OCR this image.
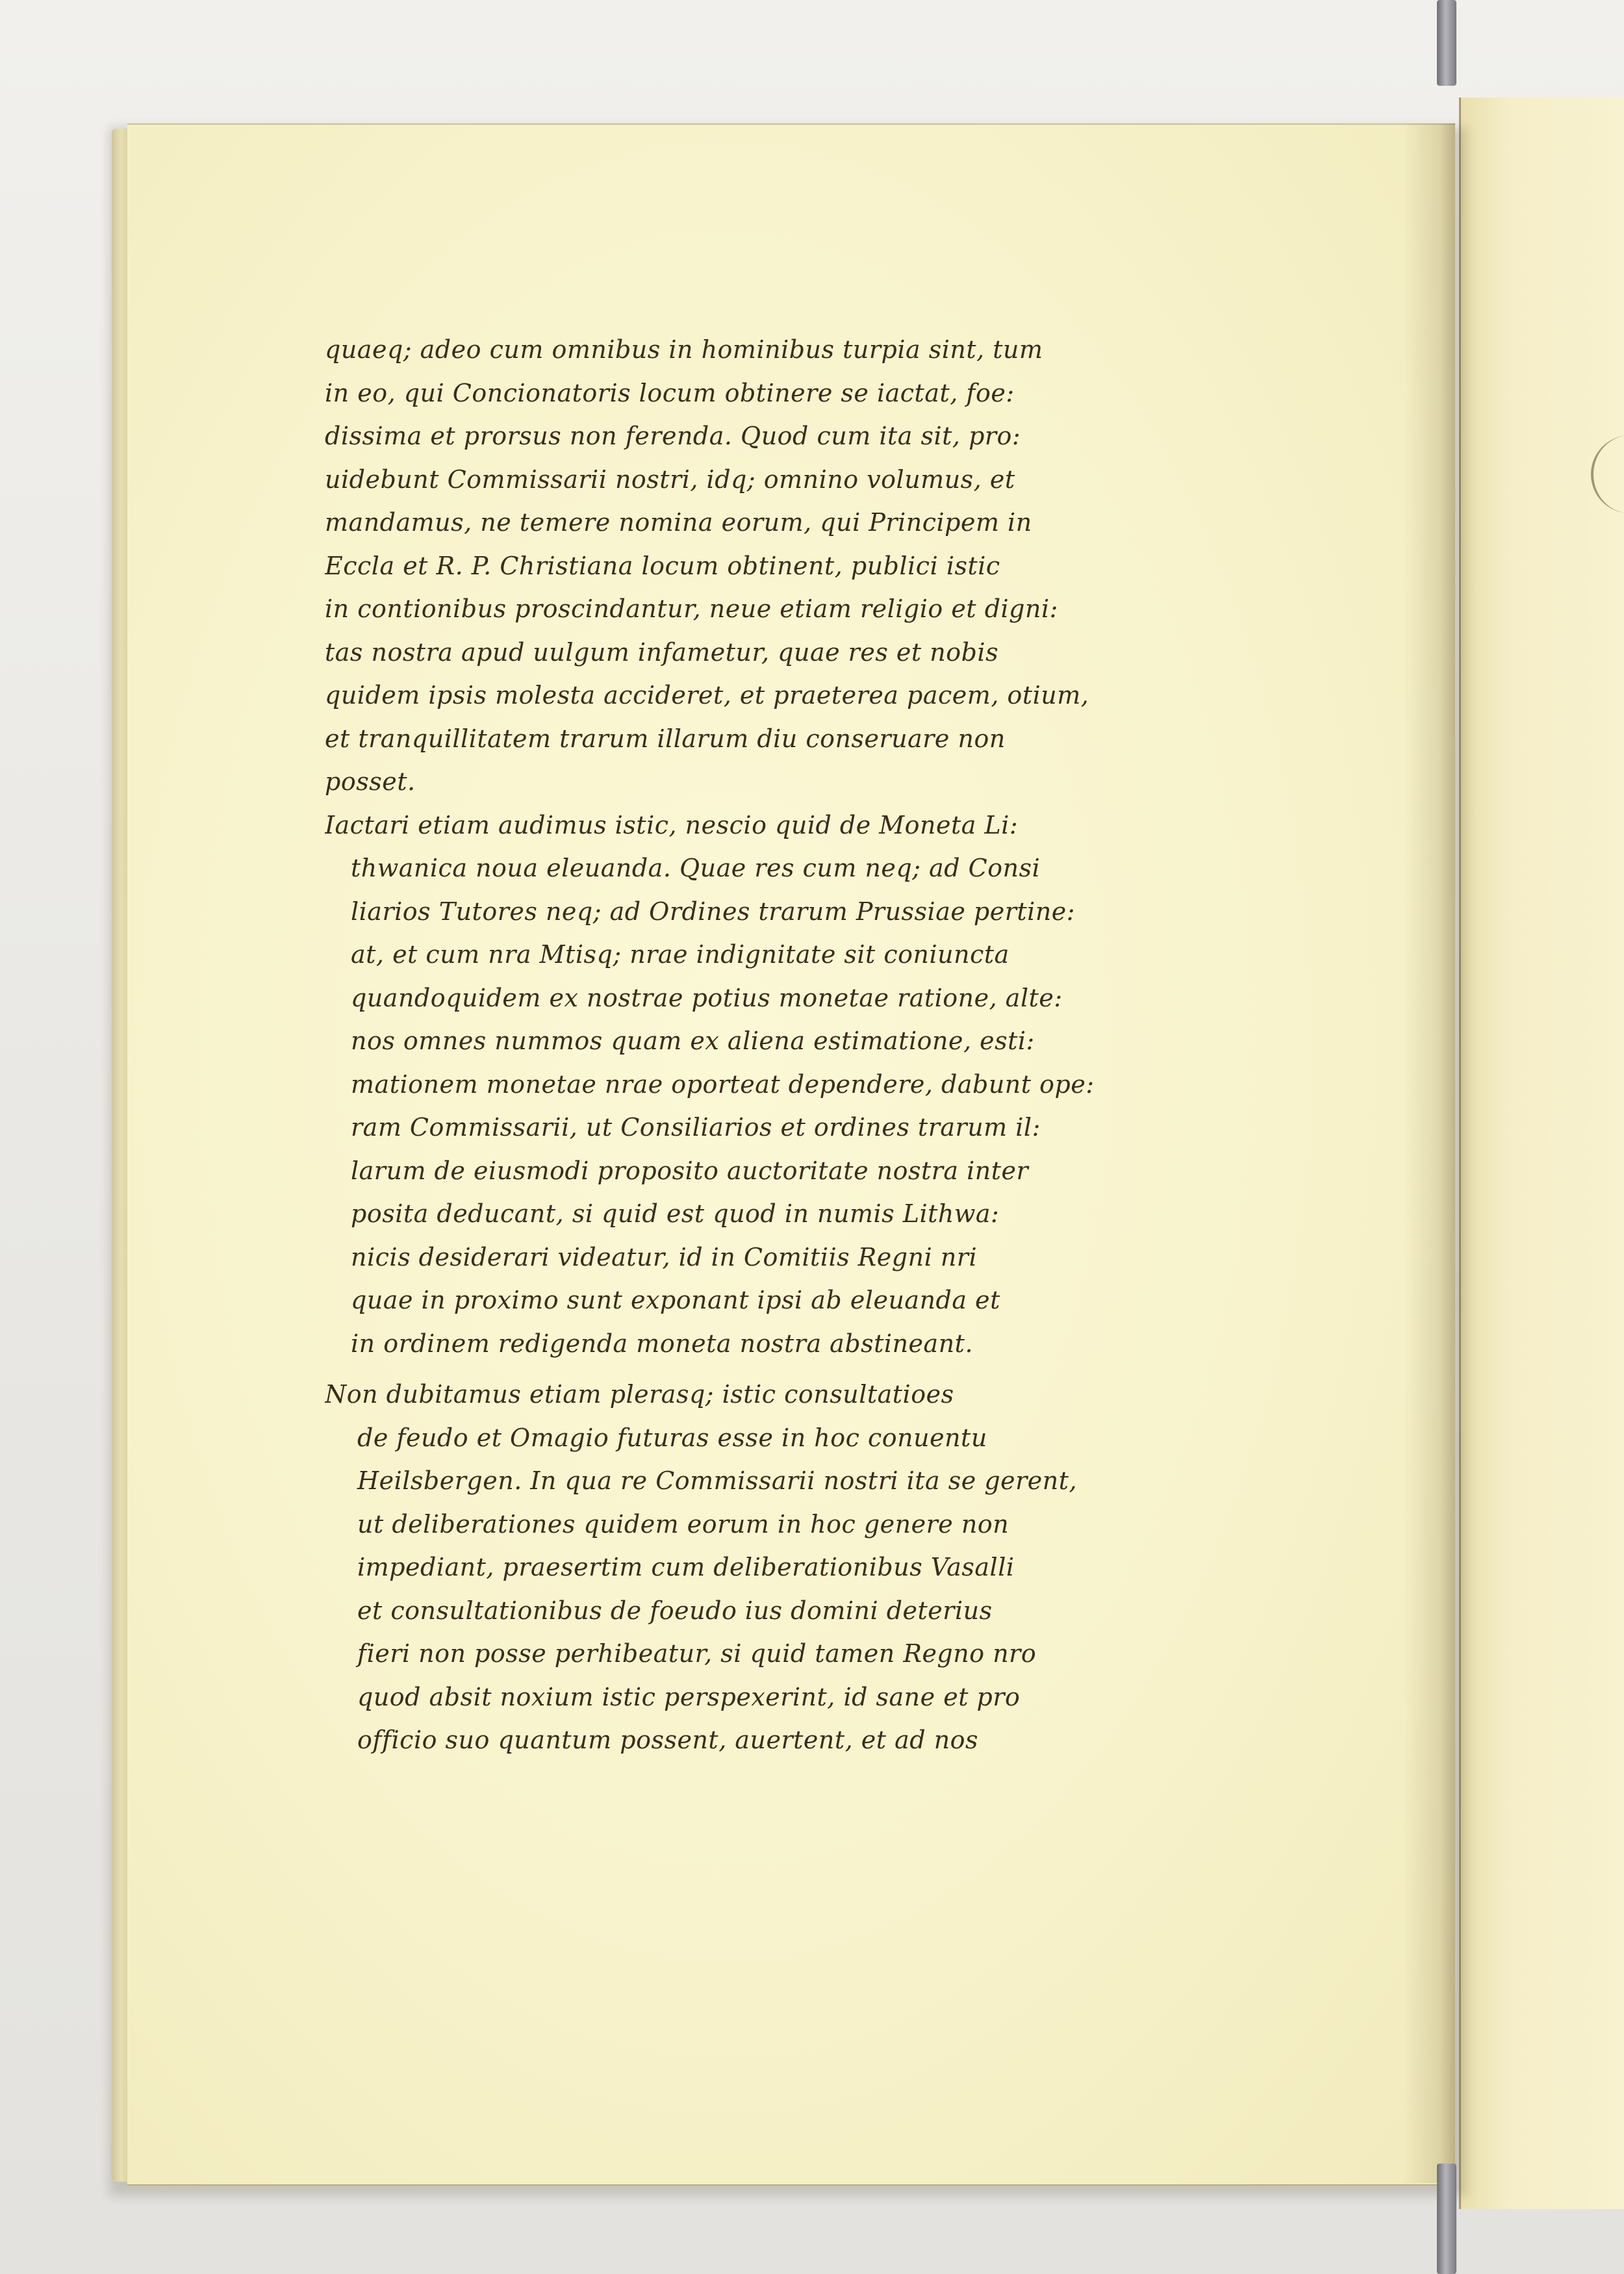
quaeq; adeo cum omnibus in hominibus turpia sint, tum
in eo, qui Concionatoris locum obtinere se iactat, foe:
dissima et prorsus non ferenda. Quod cum ita sit, pro:
uidebunt Commissarii nostri, idq; omnino volumus, et
mandamus, ne temere nomina eorum, qui Principem in
Eccla et R. P. Christiana locum obtinent, publici istic
in contionibus proscindantur, neue etiam religio et digni:
tas nostra apud uulgum infametur, quae res et nobis
quidem ipsis molesta accideret, et praeterea pacem, otium,
et tranquillitatem trarum illarum diu conseruare non
posset.
Iactari etiam audimus istic, nescio quid de Moneta Li:
thwanica noua eleuanda. Quae res cum neq; ad Consi
liarios Tutores neq; ad Ordines trarum Prussiae pertine:
at, et cum nra Mtisq; nrae indignitate sit coniuncta
quandoquidem ex nostrae potius monetae ratione, alte:
nos omnes nummos quam ex aliena estimatione, esti:
mationem monetae nrae oporteat dependere, dabunt ope:
ram Commissarii, ut Consiliarios et ordines trarum il:
larum de eiusmodi proposito auctoritate nostra inter
posita deducant, si quid est quod in numis Lithwa:
nicis desiderari videatur, id in Comitiis Regni nri
quae in proximo sunt exponant ipsi ab eleuanda et
in ordinem redigenda moneta nostra abstineant.
Non dubitamus etiam plerasq; istic consultatioes
de feudo et Omagio futuras esse in hoc conuentu
Heilsbergen. In qua re Commissarii nostri ita se gerent,
ut deliberationes quidem eorum in hoc genere non
impediant, praesertim cum deliberationibus Vasalli
et consultationibus de foeudo ius domini deterius
fieri non posse perhibeatur, si quid tamen Regno nro
quod absit noxium istic perspexerint, id sane et pro
officio suo quantum possent, auertent, et ad nos
